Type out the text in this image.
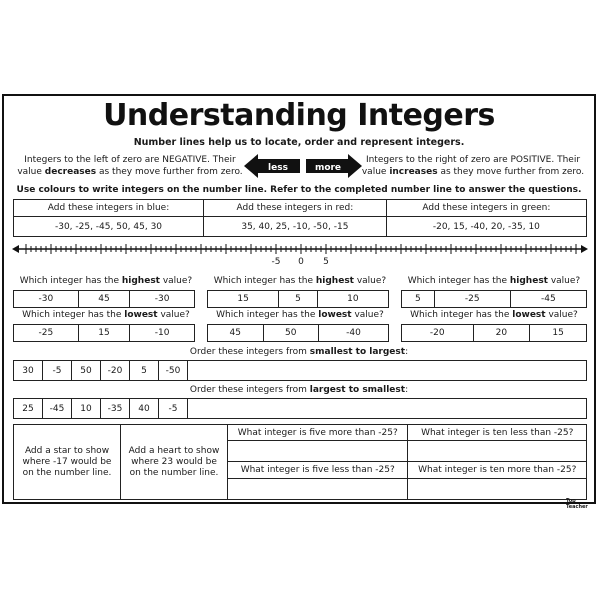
Understanding Integers
Number lines help us to locate, order and represent integers.
Integers to the left of zero are NEGATIVE. Their value decreases as they move further from zero.	less	more
Integers to the right of zero are POSITIVE. Their value increases as they move further from zero.
Use colours to write integers on the number line. Refer to the completed number line to answer the questions.
Add these integers in blue:	Add these integers in red:	Add these integers in green:
-30, -25, -45, 50, 45, 30	35, 40, 25, -10, -50, -15	-20, 15, -40, 20, -35, 10
-5	0	5
Which integer has the highest value?	Which integer has the highest value?	Which integer has the highest value?
-30	45	-30	15	5	10	5	-25	-45
Which integer has the lowest value?	Which integer has the lowest value?	Which integer has the lowest value?
-25	15	-10	45	50	-40	-20	20	15
Order these integers from smallest to largest:
30	-5	50	-20	5	-50	
Order these integers from largest to smallest:
25	-45	10	-35	40	-5	
Add a star to show where -17 would be on the number line.	Add a heart to show where 23 would be on the number line.	What integer is five more than -25?	What integer is ten less than -25?

		What integer is five less than -25?	What integer is ten more than -25?

Top Teacher
